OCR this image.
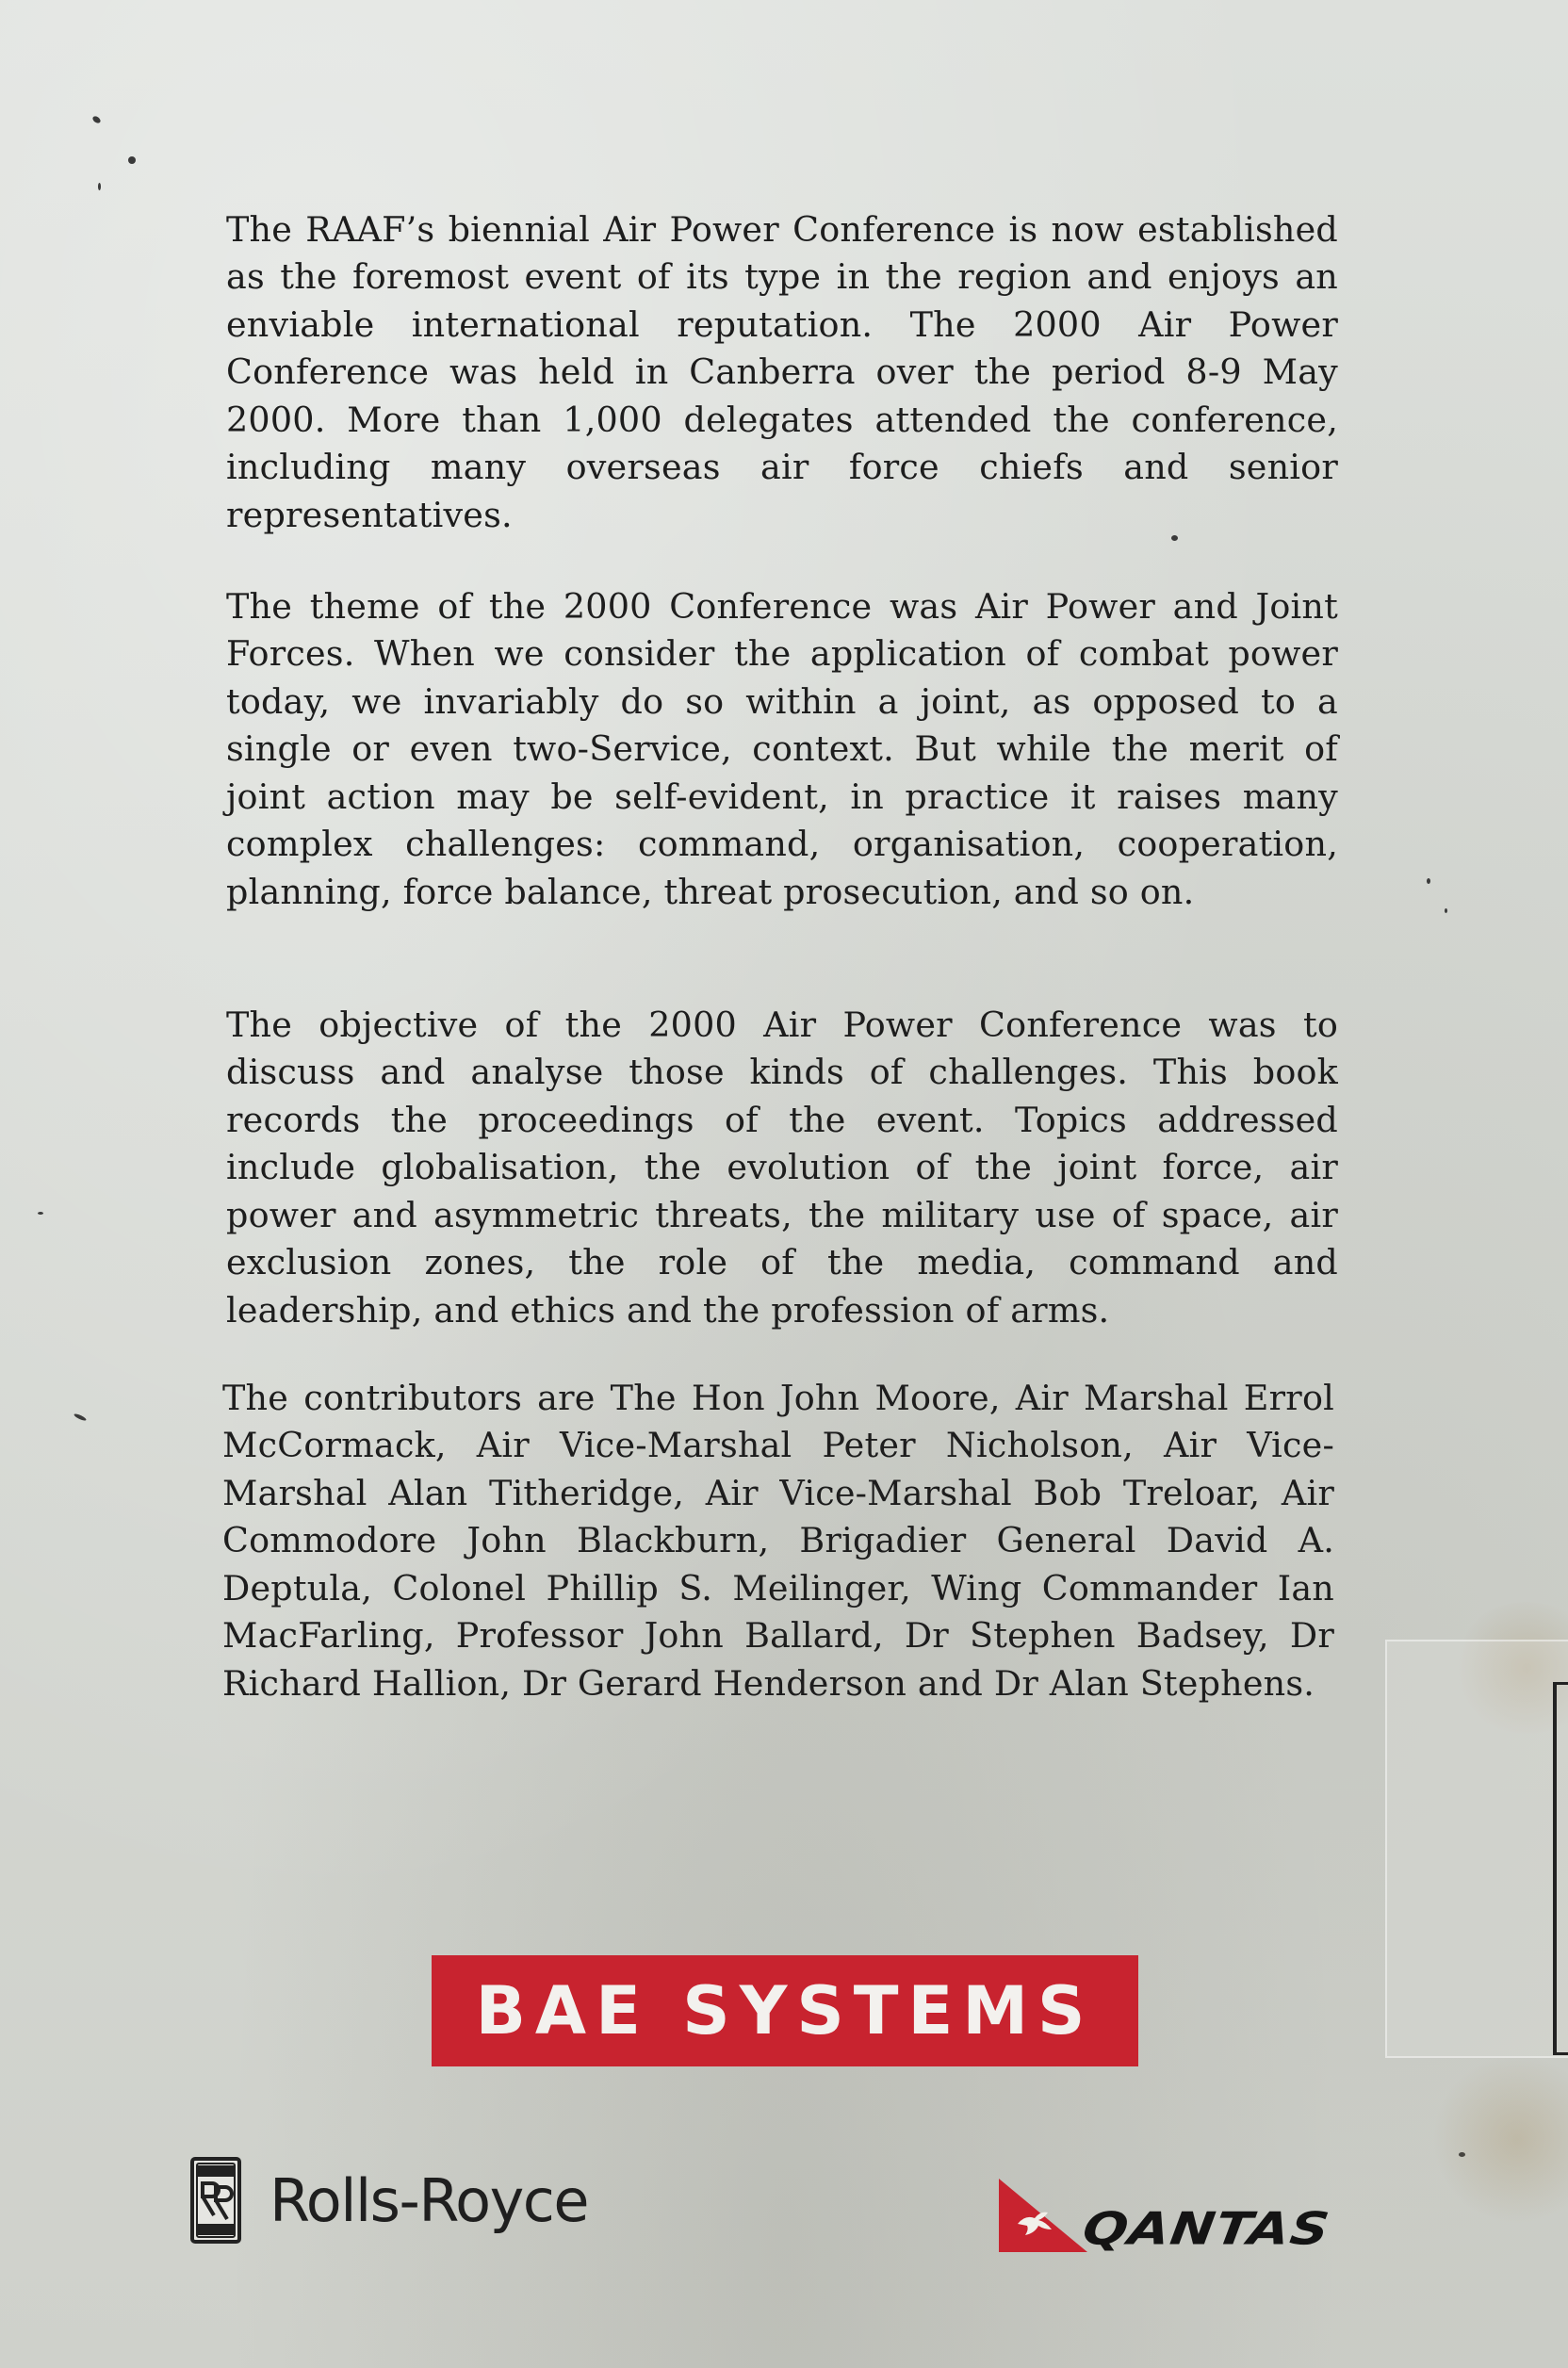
The RAAF’s biennial Air Power Conference is now established as the foremost event of its type in the region and enjoys an enviable international reputation. The 2000 Air Power Conference was held in Canberra over the period 8-9 May 2000. More than 1,000 delegates attended the conference, including many overseas air force chiefs and senior representatives.

The theme of the 2000 Conference was Air Power and Joint Forces. When we consider the application of combat power today, we invariably do so within a joint, as opposed to a single or even two-Service, context. But while the merit of joint action may be self-evident, in practice it raises many complex challenges: command, organisation, cooperation, planning, force balance, threat prosecution, and so on.

The objective of the 2000 Air Power Conference was to discuss and analyse those kinds of challenges. This book records the proceedings of the event. Topics addressed include globalisation, the evolution of the joint force, air power and asymmetric threats, the military use of space, air exclusion zones, the role of the media, command and leadership, and ethics and the profession of arms.

The contributors are The Hon John Moore, Air Marshal Errol McCormack, Air Vice-Marshal Peter Nicholson, Air Vice-Marshal Alan Titheridge, Air Vice-Marshal Bob Treloar, Air Commodore John Blackburn, Brigadier General David A. Deptula, Colonel Phillip S. Meilinger, Wing Commander Ian MacFarling, Professor John Ballard, Dr Stephen Badsey, Dr Richard Hallion, Dr Gerard Henderson and Dr Alan Stephens.

BAE SYSTEMS
Rolls-Royce	QANTAS
